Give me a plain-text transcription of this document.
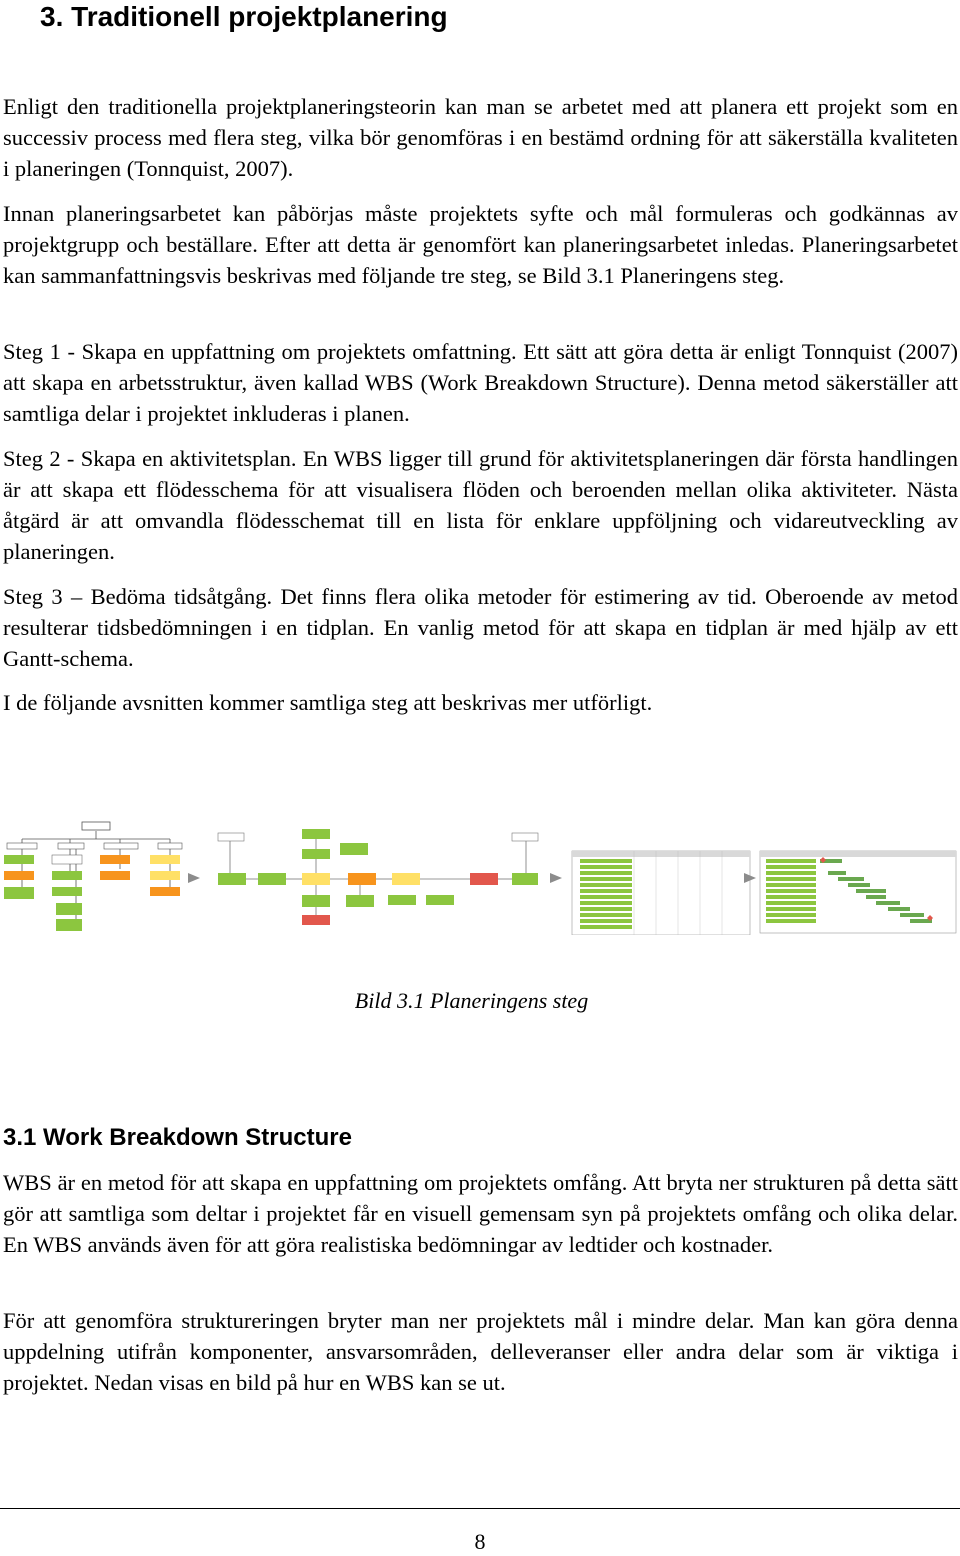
3. Traditionell projektplanering

Enligt den traditionella projektplaneringsteorin kan man se arbetet med att planera ett projekt som en successiv process med flera steg, vilka bör genomföras i en bestämd ordning för att säkerställa kvaliteten i planeringen (Tonnquist, 2007).

Innan planeringsarbetet kan påbörjas måste projektets syfte och mål formuleras och godkännas av projektgrupp och beställare. Efter att detta är genomfört kan planeringsarbetet inledas. Planeringsarbetet kan sammanfattningsvis beskrivas med följande tre steg, se Bild 3.1 Planeringens steg.

Steg 1 - Skapa en uppfattning om projektets omfattning. Ett sätt att göra detta är enligt Tonnquist (2007) att skapa en arbetsstruktur, även kallad WBS (Work Breakdown Structure). Denna metod säkerställer att samtliga delar i projektet inkluderas i planen.

Steg 2 - Skapa en aktivitetsplan. En WBS ligger till grund för aktivitetsplaneringen där första handlingen är att skapa ett flödesschema för att visualisera flöden och beroenden mellan olika aktiviteter. Nästa åtgärd är att omvandla flödesschemat till en lista för enklare uppföljning och vidareutveckling av planeringen.

Steg 3 – Bedöma tidsåtgång. Det finns flera olika metoder för estimering av tid. Oberoende av metod resulterar tidsbedömningen i en tidplan. En vanlig metod för att skapa en tidplan är med hjälp av ett Gantt-schema.

I de följande avsnitten kommer samtliga steg att beskrivas mer utförligt.

Bild 3.1 Planeringens steg

3.1 Work Breakdown Structure

WBS är en metod för att skapa en uppfattning om projektets omfång. Att bryta ner strukturen på detta sätt gör att samtliga som deltar i projektet får en visuell gemensam syn på projektets omfång och olika delar. En WBS används även för att göra realistiska bedömningar av ledtider och kostnader.

För att genomföra struktureringen bryter man ner projektets mål i mindre delar. Man kan göra denna uppdelning utifrån komponenter, ansvarsområden, delleveranser eller andra delar som är viktiga i projektet. Nedan visas en bild på hur en WBS kan se ut.

8
